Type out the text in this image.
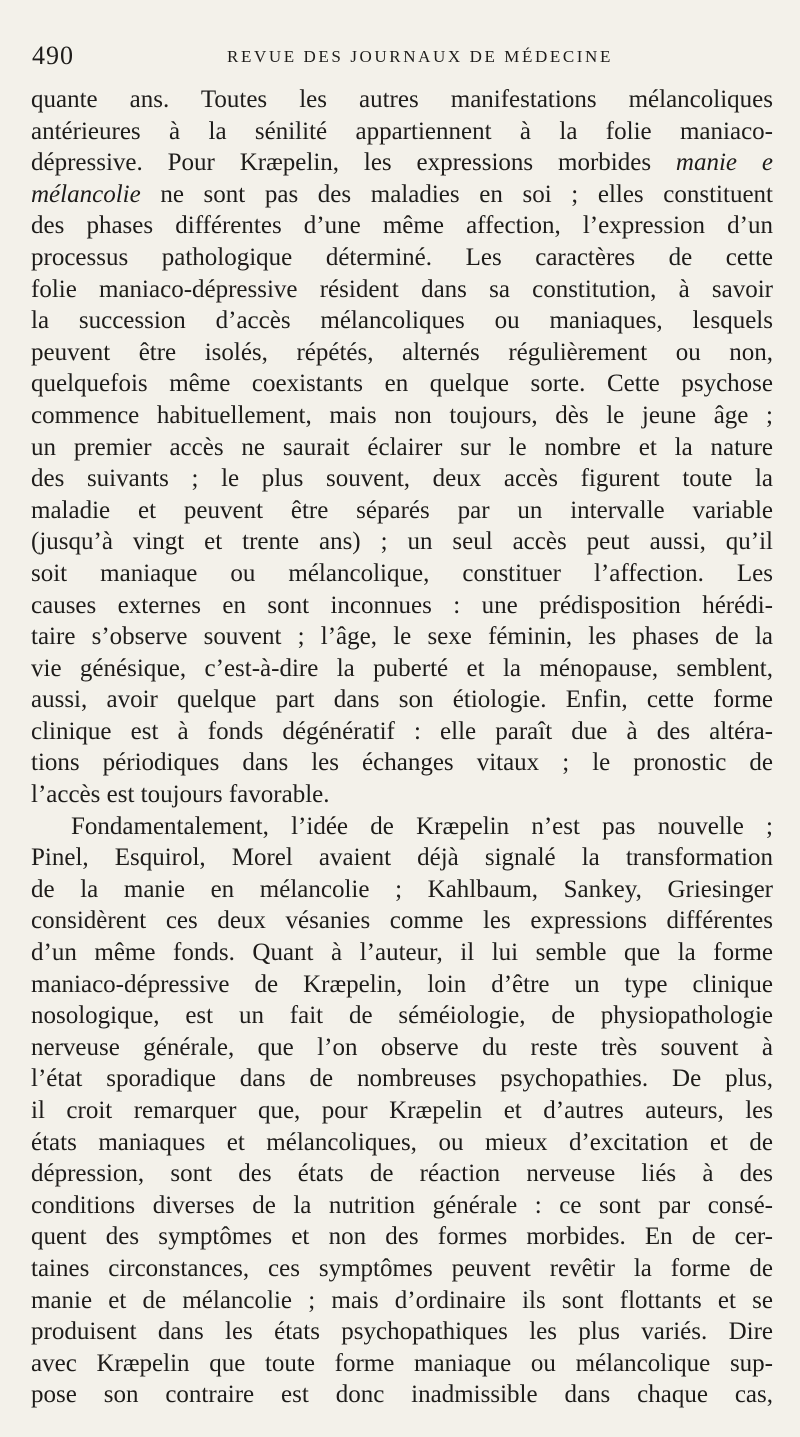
490	REVUE DES JOURNAUX DE MÉDECINE
quante ans. Toutes les autres manifestations mélancoliques
antérieures à la sénilité appartiennent à la folie maniaco-
dépressive. Pour Kræpelin, les expressions morbides manie e
mélancolie ne sont pas des maladies en soi ; elles constituent
des phases différentes d’une même affection, l’expression d’un
processus pathologique déterminé. Les caractères de cette
folie maniaco-dépressive résident dans sa constitution, à savoir
la succession d’accès mélancoliques ou maniaques, lesquels
peuvent être isolés, répétés, alternés régulièrement ou non,
quelquefois même coexistants en quelque sorte. Cette psychose
commence habituellement, mais non toujours, dès le jeune âge ;
un premier accès ne saurait éclairer sur le nombre et la nature
des suivants ; le plus souvent, deux accès figurent toute la
maladie et peuvent être séparés par un intervalle variable
(jusqu’à vingt et trente ans) ; un seul accès peut aussi, qu’il
soit maniaque ou mélancolique, constituer l’affection. Les
causes externes en sont inconnues : une prédisposition hérédi-
taire s’observe souvent ; l’âge, le sexe féminin, les phases de la
vie génésique, c’est-à-dire la puberté et la ménopause, semblent,
aussi, avoir quelque part dans son étiologie. Enfin, cette forme
clinique est à fonds dégénératif : elle paraît due à des altéra-
tions périodiques dans les échanges vitaux ; le pronostic de
l’accès est toujours favorable.
Fondamentalement, l’idée de Kræpelin n’est pas nouvelle ;
Pinel, Esquirol, Morel avaient déjà signalé la transformation
de la manie en mélancolie ; Kahlbaum, Sankey, Griesinger
considèrent ces deux vésanies comme les expressions différentes
d’un même fonds. Quant à l’auteur, il lui semble que la forme
maniaco-dépressive de Kræpelin, loin d’être un type clinique
nosologique, est un fait de séméiologie, de physiopathologie
nerveuse générale, que l’on observe du reste très souvent à
l’état sporadique dans de nombreuses psychopathies. De plus,
il croit remarquer que, pour Kræpelin et d’autres auteurs, les
états maniaques et mélancoliques, ou mieux d’excitation et de
dépression, sont des états de réaction nerveuse liés à des
conditions diverses de la nutrition générale : ce sont par consé-
quent des symptômes et non des formes morbides. En de cer-
taines circonstances, ces symptômes peuvent revêtir la forme de
manie et de mélancolie ; mais d’ordinaire ils sont flottants et se
produisent dans les états psychopathiques les plus variés. Dire
avec Kræpelin que toute forme maniaque ou mélancolique sup-
pose son contraire est donc inadmissible dans chaque cas,
